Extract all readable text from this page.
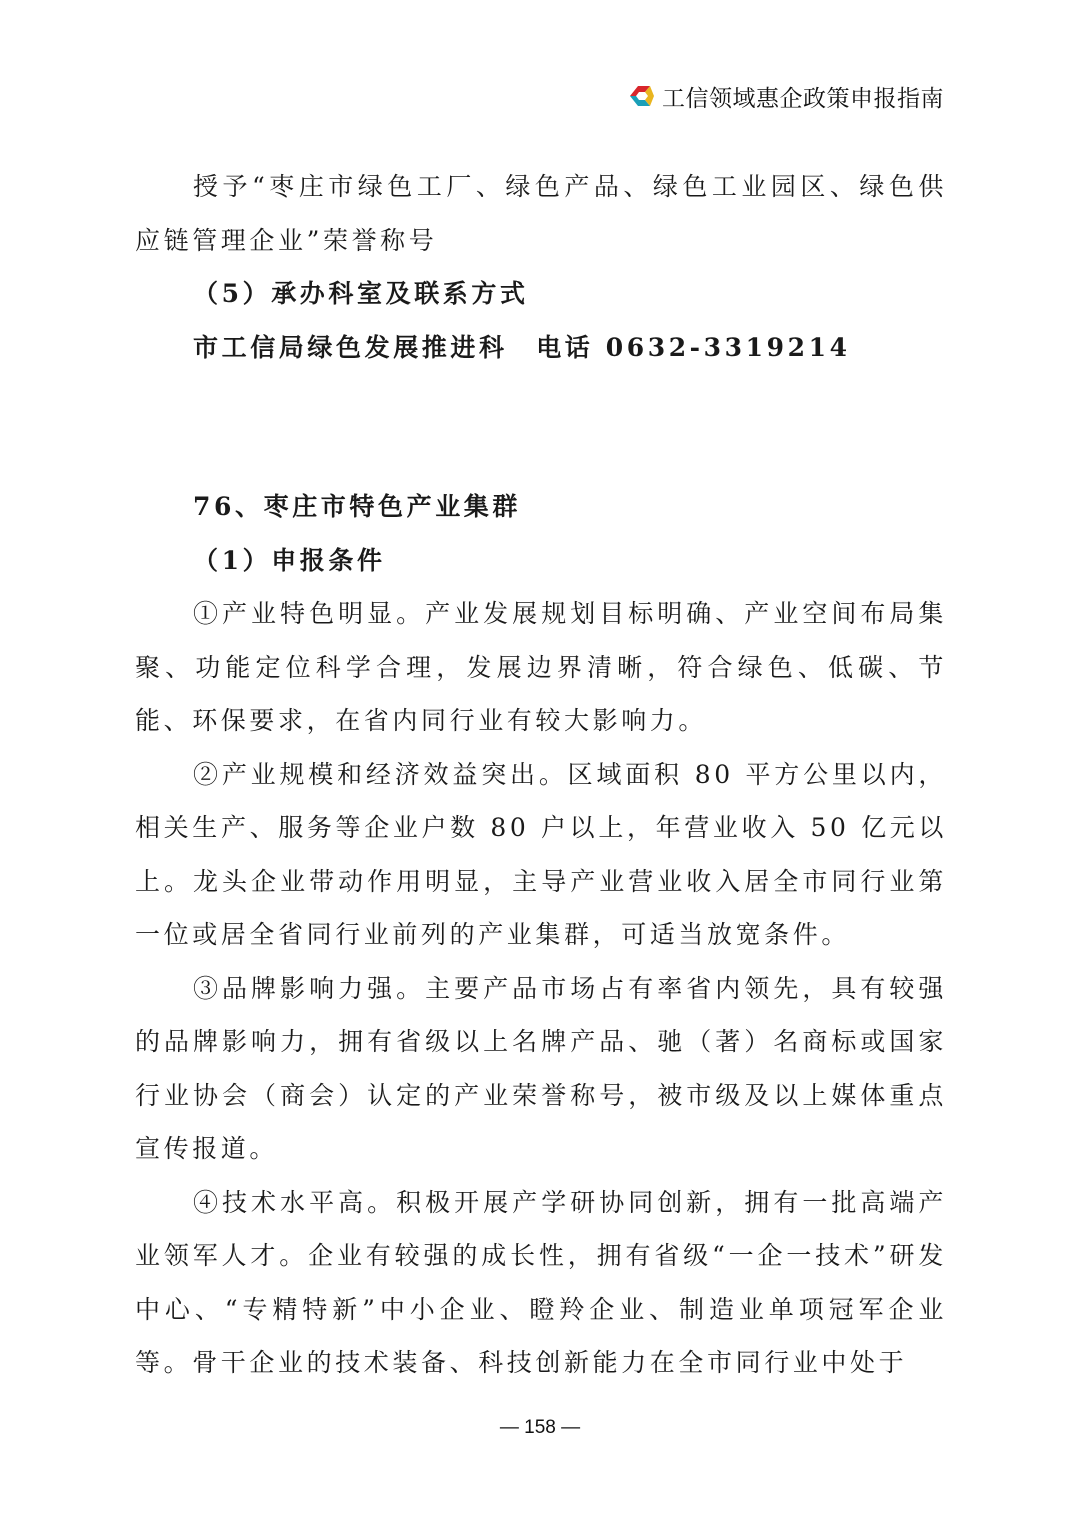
工信领域惠企政策申报指南

授予“枣庄市绿色工厂、绿色产品、绿色工业园区、绿色供应链管理企业”荣誉称号

（5）承办科室及联系方式

市工信局绿色发展推进科　电话 0632-3319214

76、枣庄市特色产业集群

（1）申报条件

①产业特色明显。产业发展规划目标明确、产业空间布局集聚、功能定位科学合理，发展边界清晰，符合绿色、低碳、节能、环保要求，在省内同行业有较大影响力。

②产业规模和经济效益突出。区域面积 80 平方公里以内，相关生产、服务等企业户数 80 户以上，年营业收入 50 亿元以上。龙头企业带动作用明显，主导产业营业收入居全市同行业第一位或居全省同行业前列的产业集群，可适当放宽条件。

③品牌影响力强。主要产品市场占有率省内领先，具有较强的品牌影响力，拥有省级以上名牌产品、驰（著）名商标或国家行业协会（商会）认定的产业荣誉称号，被市级及以上媒体重点宣传报道。

④技术水平高。积极开展产学研协同创新，拥有一批高端产业领军人才。企业有较强的成长性，拥有省级“一企一技术”研发中心、“专精特新”中小企业、瞪羚企业、制造业单项冠军企业等。骨干企业的技术装备、科技创新能力在全市同行业中处于

— 158 —
